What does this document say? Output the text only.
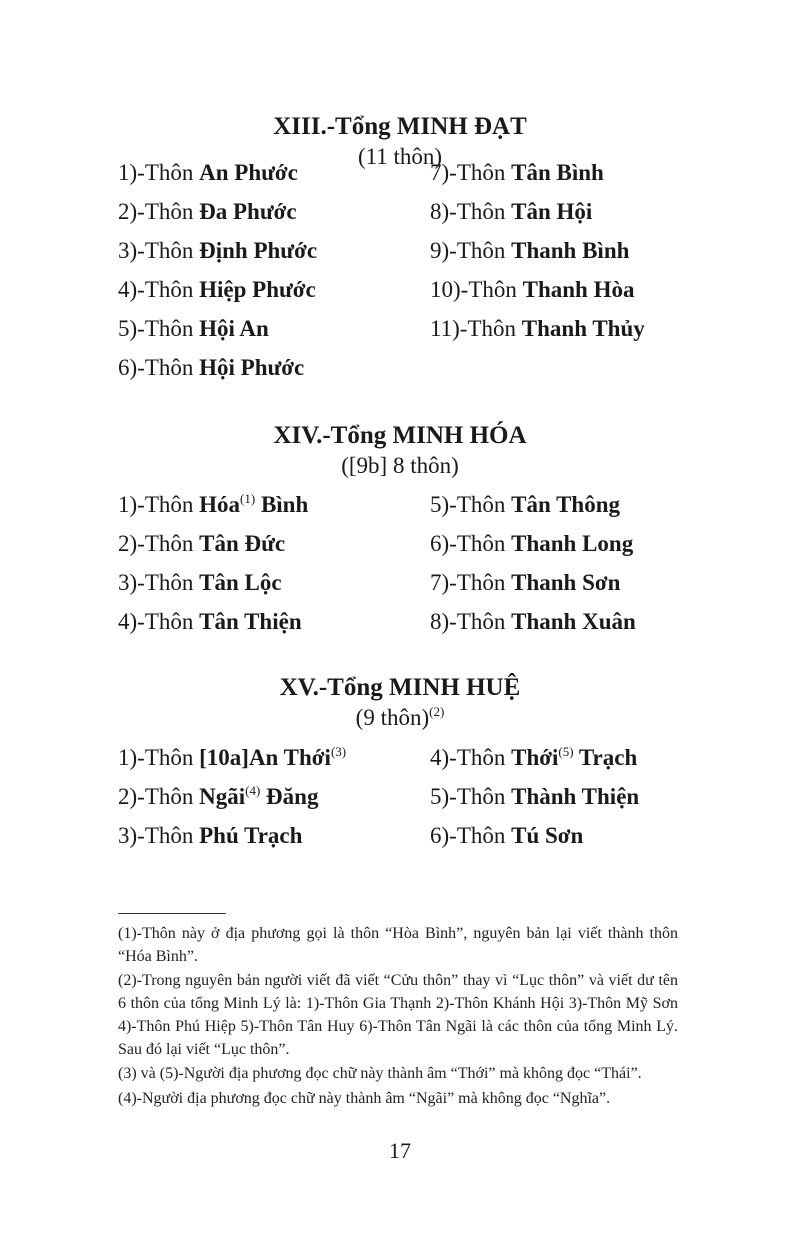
XIII.-Tổng MINH ĐẠT
(11 thôn)
1)-Thôn An Phước
2)-Thôn Đa Phước
3)-Thôn Định Phước
4)-Thôn Hiệp Phước
5)-Thôn Hội An
6)-Thôn Hội Phước
7)-Thôn Tân Bình
8)-Thôn Tân Hội
9)-Thôn Thanh Bình
10)-Thôn Thanh Hòa
11)-Thôn Thanh Thủy
XIV.-Tổng MINH HÓA
([9b] 8 thôn)
1)-Thôn Hóa$^{(1)}$ Bình
2)-Thôn Tân Đức
3)-Thôn Tân Lộc
4)-Thôn Tân Thiện
5)-Thôn Tân Thông
6)-Thôn Thanh Long
7)-Thôn Thanh Sơn
8)-Thôn Thanh Xuân
XV.-Tổng MINH HUỆ
(9 thôn)$^{(2)}$
1)-Thôn [10a]An Thới$^{(3)}$
2)-Thôn Ngãi$^{(4)}$ Đăng
3)-Thôn Phú Trạch
4)-Thôn Thới$^{(5)}$ Trạch
5)-Thôn Thành Thiện
6)-Thôn Tú Sơn
(1)-Thôn này ở địa phương gọi là thôn “Hòa Bình”, nguyên bản lại viết thành thôn “Hóa Bình”.
(2)-Trong nguyên bản người viết đã viết “Cửu thôn” thay vì “Lục thôn” và viết dư tên 6 thôn của tổng Minh Lý là: 1)-Thôn Gia Thạnh 2)-Thôn Khánh Hội 3)-Thôn Mỹ Sơn 4)-Thôn Phú Hiệp 5)-Thôn Tân Huy 6)-Thôn Tân Ngãi là các thôn của tổng Minh Lý. Sau đó lại viết “Lục thôn”.
(3) và (5)-Người địa phương đọc chữ này thành âm “Thới” mà không đọc “Thái”.
(4)-Người địa phương đọc chữ này thành âm “Ngãi” mà không đọc “Nghĩa”.
17
